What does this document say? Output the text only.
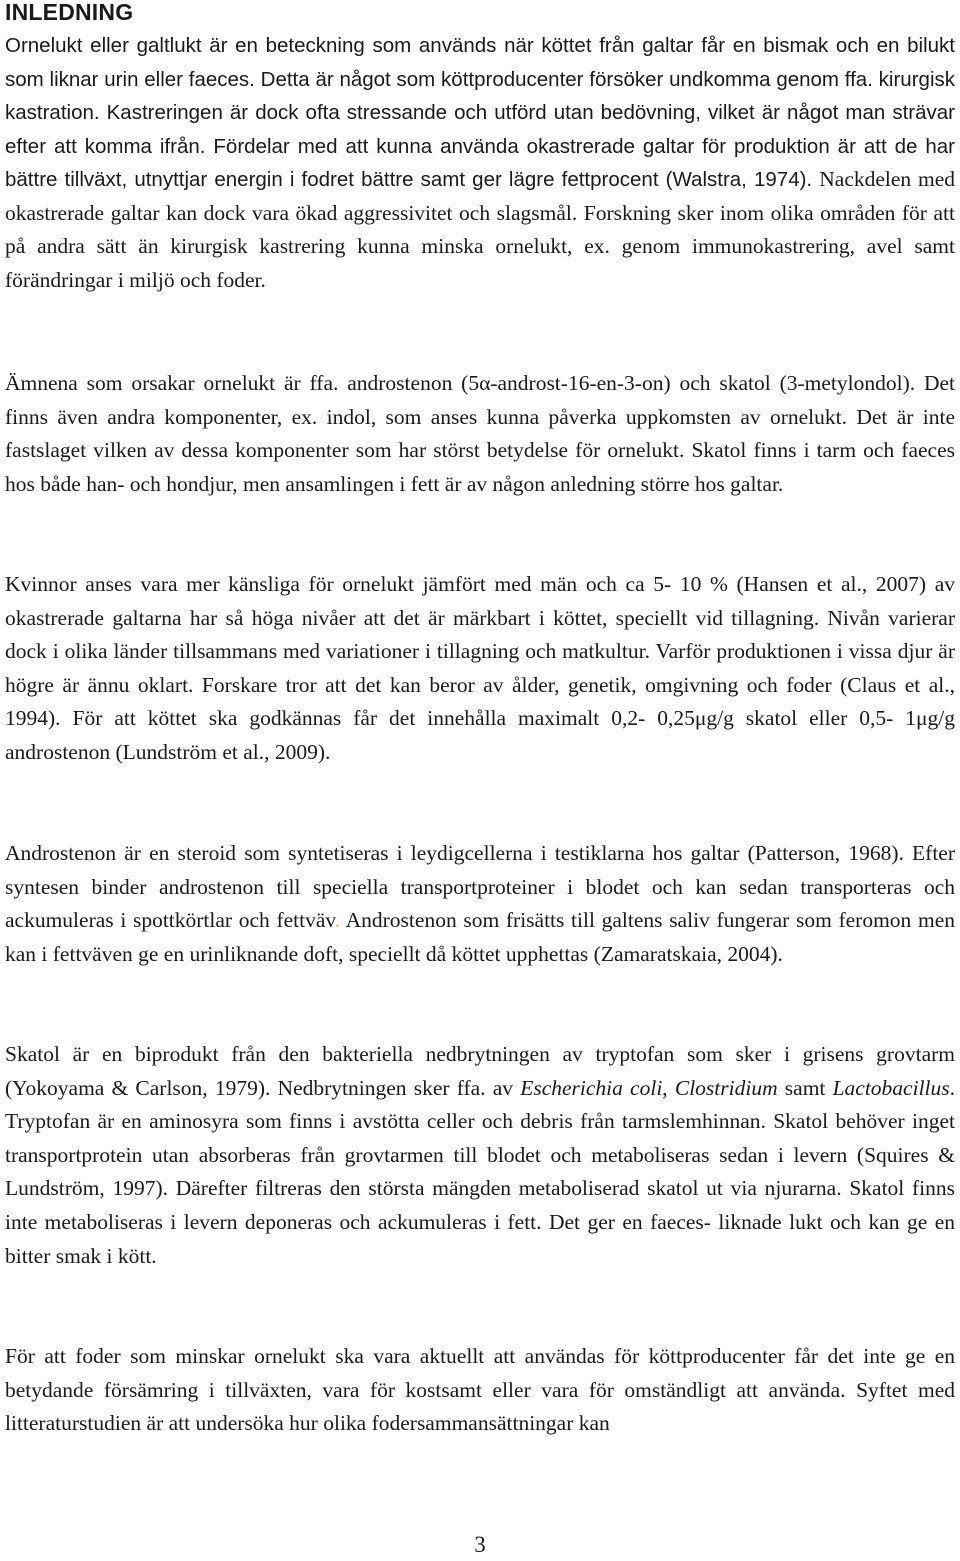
INLEDNING

Ornelukt eller galtlukt är en beteckning som används när köttet från galtar får en bismak och en bilukt som liknar urin eller faeces. Detta är något som köttproducenter försöker undkomma genom ffa. kirurgisk kastration. Kastreringen är dock ofta stressande och utförd utan bedövning, vilket är något man strävar efter att komma ifrån. Fördelar med att kunna använda okastrerade galtar för produktion är att de har bättre tillväxt, utnyttjar energin i fodret bättre samt ger lägre fettprocent (Walstra, 1974). Nackdelen med okastrerade galtar kan dock vara ökad aggressivitet och slagsmål. Forskning sker inom olika områden för att på andra sätt än kirurgisk kastrering kunna minska ornelukt, ex. genom immunokastrering, avel samt förändringar i miljö och foder.

Ämnena som orsakar ornelukt är ffa. androstenon (5α-androst-16-en-3-on) och skatol (3-metylondol). Det finns även andra komponenter, ex. indol, som anses kunna påverka uppkomsten av ornelukt. Det är inte fastslaget vilken av dessa komponenter som har störst betydelse för ornelukt. Skatol finns i tarm och faeces hos både han- och hondjur, men ansamlingen i fett är av någon anledning större hos galtar.

Kvinnor anses vara mer känsliga för ornelukt jämfört med män och ca 5- 10 % (Hansen et al., 2007) av okastrerade galtarna har så höga nivåer att det är märkbart i köttet, speciellt vid tillagning. Nivån varierar dock i olika länder tillsammans med variationer i tillagning och matkultur. Varför produktionen i vissa djur är högre är ännu oklart. Forskare tror att det kan beror av ålder, genetik, omgivning och foder (Claus et al., 1994). För att köttet ska godkännas får det innehålla maximalt 0,2- 0,25μg/g skatol eller 0,5- 1μg/g androstenon (Lundström et al., 2009).

Androstenon är en steroid som syntetiseras i leydigcellerna i testiklarna hos galtar (Patterson, 1968). Efter syntesen binder androstenon till speciella transportproteiner i blodet och kan sedan transporteras och ackumuleras i spottkörtlar och fettväv. Androstenon som frisätts till galtens saliv fungerar som feromon men kan i fettväven ge en urinliknande doft, speciellt då köttet upphettas (Zamaratskaia, 2004).

Skatol är en biprodukt från den bakteriella nedbrytningen av tryptofan som sker i grisens grovtarm (Yokoyama & Carlson, 1979). Nedbrytningen sker ffa. av Escherichia coli, Clostridium samt Lactobacillus. Tryptofan är en aminosyra som finns i avstötta celler och debris från tarmslemhinnan. Skatol behöver inget transportprotein utan absorberas från grovtarmen till blodet och metaboliseras sedan i levern (Squires & Lundström, 1997). Därefter filtreras den största mängden metaboliserad skatol ut via njurarna. Skatol finns inte metaboliseras i levern deponeras och ackumuleras i fett. Det ger en faeces- liknade lukt och kan ge en bitter smak i kött.

För att foder som minskar ornelukt ska vara aktuellt att användas för köttproducenter får det inte ge en betydande försämring i tillväxten, vara för kostsamt eller vara för omständligt att använda. Syftet med litteraturstudien är att undersöka hur olika fodersammansättningar kan

3
